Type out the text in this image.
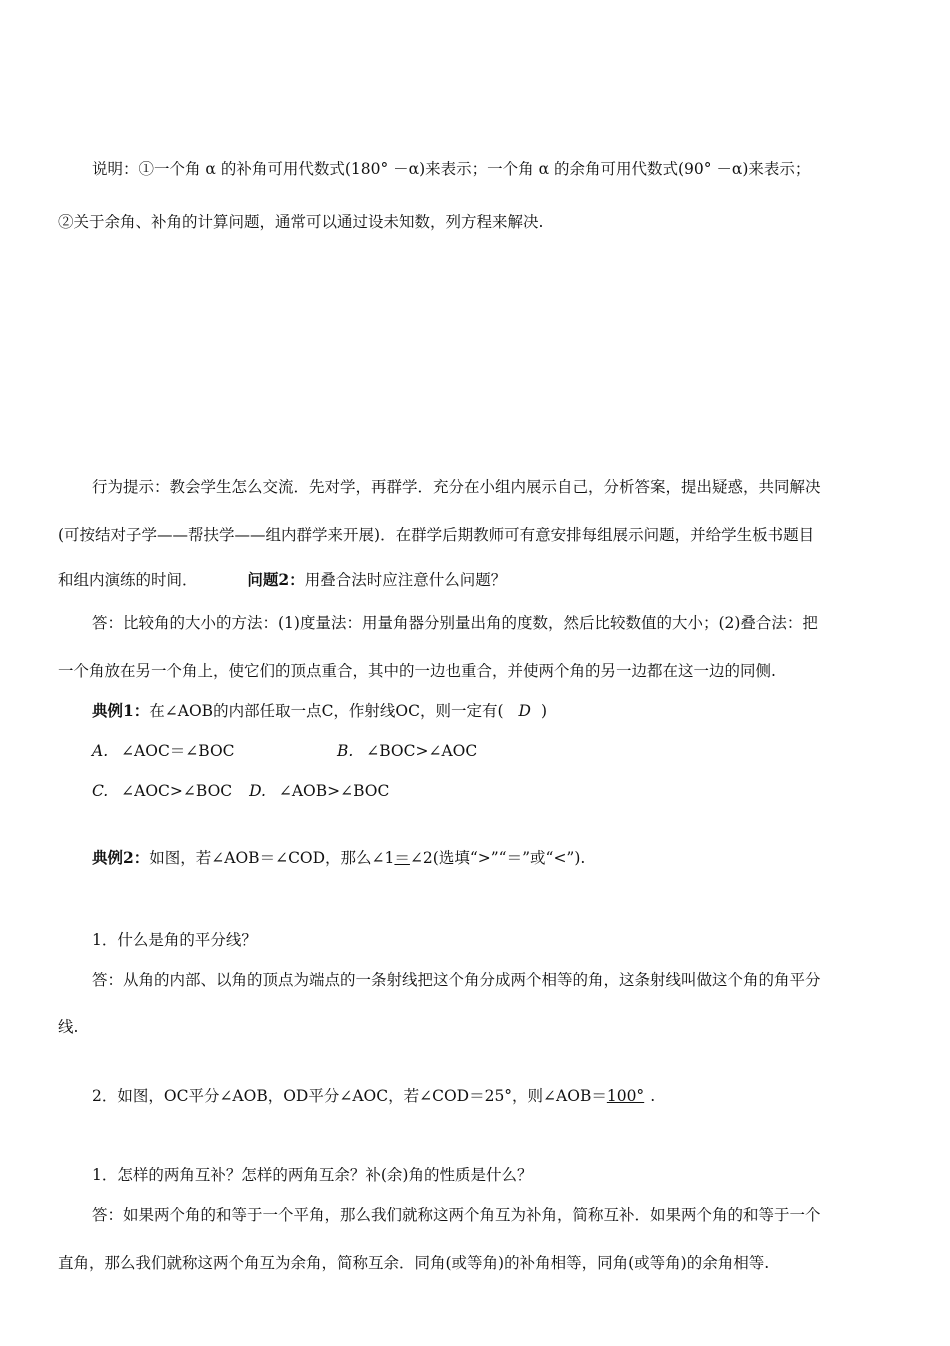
说明：①一个角 α 的补角可用代数式(180° －α)来表示；一个角 α 的余角可用代数式(90° －α)来表示；
②关于余角、补角的计算问题，通常可以通过设未知数，列方程来解决.
行为提示：教会学生怎么交流．先对学，再群学．充分在小组内展示自己，分析答案，提出疑惑，共同解决
(可按结对子学——帮扶学——组内群学来开展)．在群学后期教师可有意安排每组展示问题，并给学生板书题目
和组内演练的时间．	问题2：用叠合法时应注意什么问题？
答：比较角的大小的方法：(1)度量法：用量角器分别量出角的度数，然后比较数值的大小；(2)叠合法：把
一个角放在另一个角上，使它们的顶点重合，其中的一边也重合，并使两个角的另一边都在这一边的同侧.
典例1：在∠AOB的内部任取一点C，作射线OC，则一定有( D )
A. ∠AOC＝∠BOC	B. ∠BOC>∠AOC
C. ∠AOC>∠BOC D. ∠AOB>∠BOC
典例2：如图，若∠AOB＝∠COD，那么∠1＝∠2(选填“>”“＝”或“<”).
1．什么是角的平分线？
答：从角的内部、以角的顶点为端点的一条射线把这个角分成两个相等的角，这条射线叫做这个角的角平分
线.
2．如图，OC平分∠AOB，OD平分∠AOC，若∠COD＝25°，则∠AOB＝100° .
1．怎样的两角互补？怎样的两角互余？补(余)角的性质是什么？
答：如果两个角的和等于一个平角，那么我们就称这两个角互为补角，简称互补．如果两个角的和等于一个
直角，那么我们就称这两个角互为余角，简称互余．同角(或等角)的补角相等，同角(或等角)的余角相等.
